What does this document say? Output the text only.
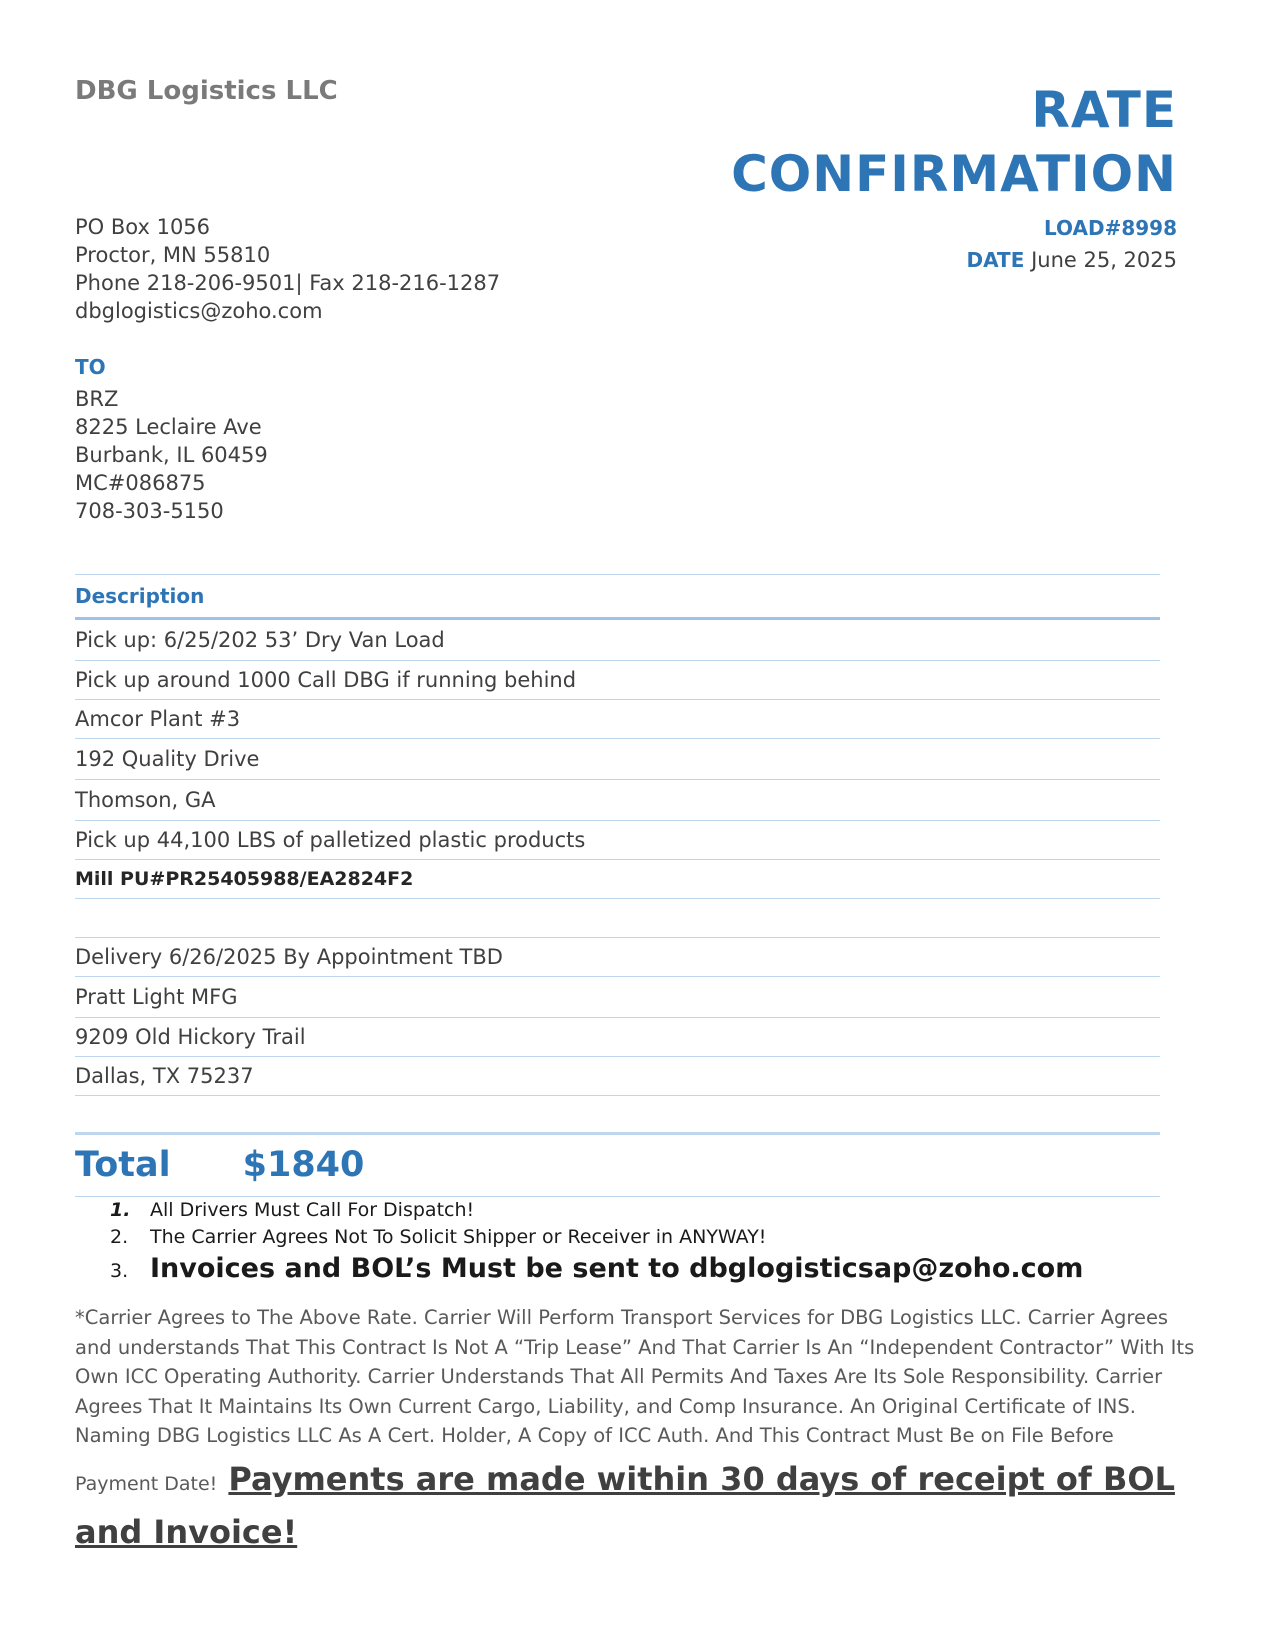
DBG Logistics LLC	RATE
CONFIRMATION
LOAD#8998
DATE June 25, 2025
PO Box 1056
Proctor, MN 55810
Phone 218-206-9501| Fax 218-216-1287
dbglogistics@zoho.com
TO
BRZ
8225 Leclaire Ave
Burbank, IL 60459
MC#086875
708-303-5150
Description
Pick up: 6/25/202 53’ Dry Van Load
Pick up around 1000 Call DBG if running behind
Amcor Plant #3
192 Quality Drive
Thomson, GA
Pick up 44,100 LBS of palletized plastic products
Mill PU#PR25405988/EA2824F2
Delivery 6/26/2025 By Appointment TBD
Pratt Light MFG
9209 Old Hickory Trail
Dallas, TX 75237
Total $1840
1.	All Drivers Must Call For Dispatch!
2.	The Carrier Agrees Not To Solicit Shipper or Receiver in ANYWAY!
3. Invoices and BOL’s Must be sent to dbglogisticsap@zoho.com
*Carrier Agrees to The Above Rate. Carrier Will Perform Transport Services for DBG Logistics LLC. Carrier Agrees and understands That This Contract Is Not A “Trip Lease” And That Carrier Is An “Independent Contractor” With Its Own ICC Operating Authority. Carrier Understands That All Permits And Taxes Are Its Sole Responsibility. Carrier Agrees That It Maintains Its Own Current Cargo, Liability, and Comp Insurance. An Original Certificate of INS. Naming DBG Logistics LLC As A Cert. Holder, A Copy of ICC Auth. And This Contract Must Be on File Before
Payment Date! Payments are made within 30 days of receipt of BOL and Invoice!
